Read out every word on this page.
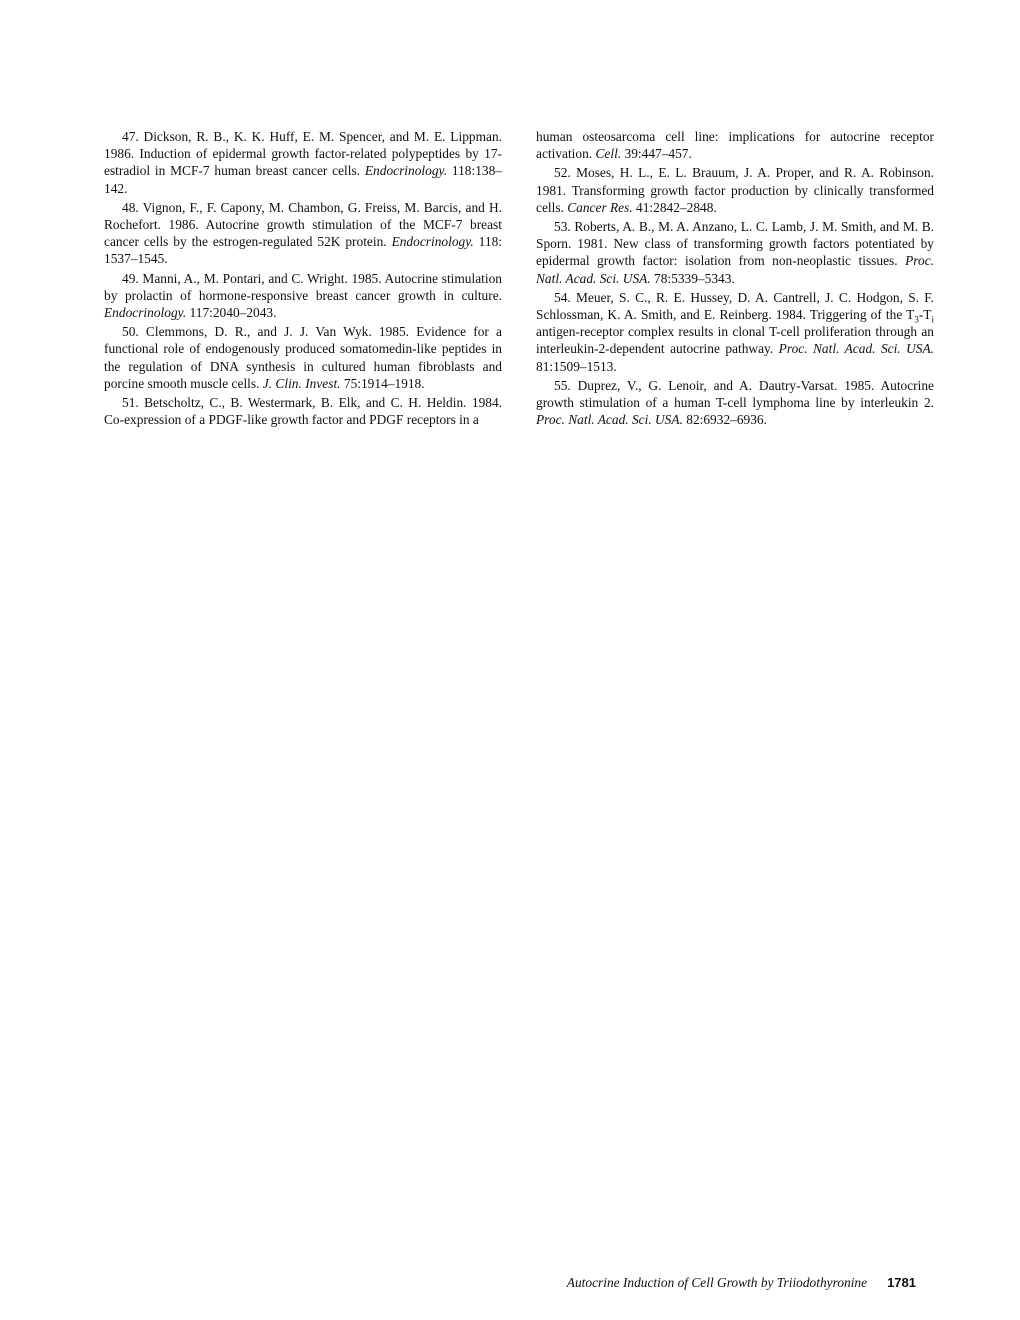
47. Dickson, R. B., K. K. Huff, E. M. Spencer, and M. E. Lippman. 1986. Induction of epidermal growth factor-related polypeptides by 17-estradiol in MCF-7 human breast cancer cells. Endocrinology. 118:138–142.

48. Vignon, F., F. Capony, M. Chambon, G. Freiss, M. Barcis, and H. Rochefort. 1986. Autocrine growth stimulation of the MCF-7 breast cancer cells by the estrogen-regulated 52K protein. Endocrinology. 118: 1537–1545.

49. Manni, A., M. Pontari, and C. Wright. 1985. Autocrine stimulation by prolactin of hormone-responsive breast cancer growth in culture. Endocrinology. 117:2040–2043.

50. Clemmons, D. R., and J. J. Van Wyk. 1985. Evidence for a functional role of endogenously produced somatomedin-like peptides in the regulation of DNA synthesis in cultured human fibroblasts and porcine smooth muscle cells. J. Clin. Invest. 75:1914–1918.

51. Betscholtz, C., B. Westermark, B. Elk, and C. H. Heldin. 1984. Co-expression of a PDGF-like growth factor and PDGF receptors in a

human osteosarcoma cell line: implications for autocrine receptor activation. Cell. 39:447–457.

52. Moses, H. L., E. L. Brauum, J. A. Proper, and R. A. Robinson. 1981. Transforming growth factor production by clinically transformed cells. Cancer Res. 41:2842–2848.

53. Roberts, A. B., M. A. Anzano, L. C. Lamb, J. M. Smith, and M. B. Sporn. 1981. New class of transforming growth factors potentiated by epidermal growth factor: isolation from non-neoplastic tissues. Proc. Natl. Acad. Sci. USA. 78:5339–5343.

54. Meuer, S. C., R. E. Hussey, D. A. Cantrell, J. C. Hodgon, S. F. Schlossman, K. A. Smith, and E. Reinberg. 1984. Triggering of the $T_3-T_i$ antigen-receptor complex results in clonal T-cell proliferation through an interleukin-2-dependent autocrine pathway. Proc. Natl. Acad. Sci. USA. 81:1509–1513.

55. Duprez, V., G. Lenoir, and A. Dautry-Varsat. 1985. Autocrine growth stimulation of a human T-cell lymphoma line by interleukin 2. Proc. Natl. Acad. Sci. USA. 82:6932–6936.

Autocrine Induction of Cell Growth by Triiodothyronine 1781
